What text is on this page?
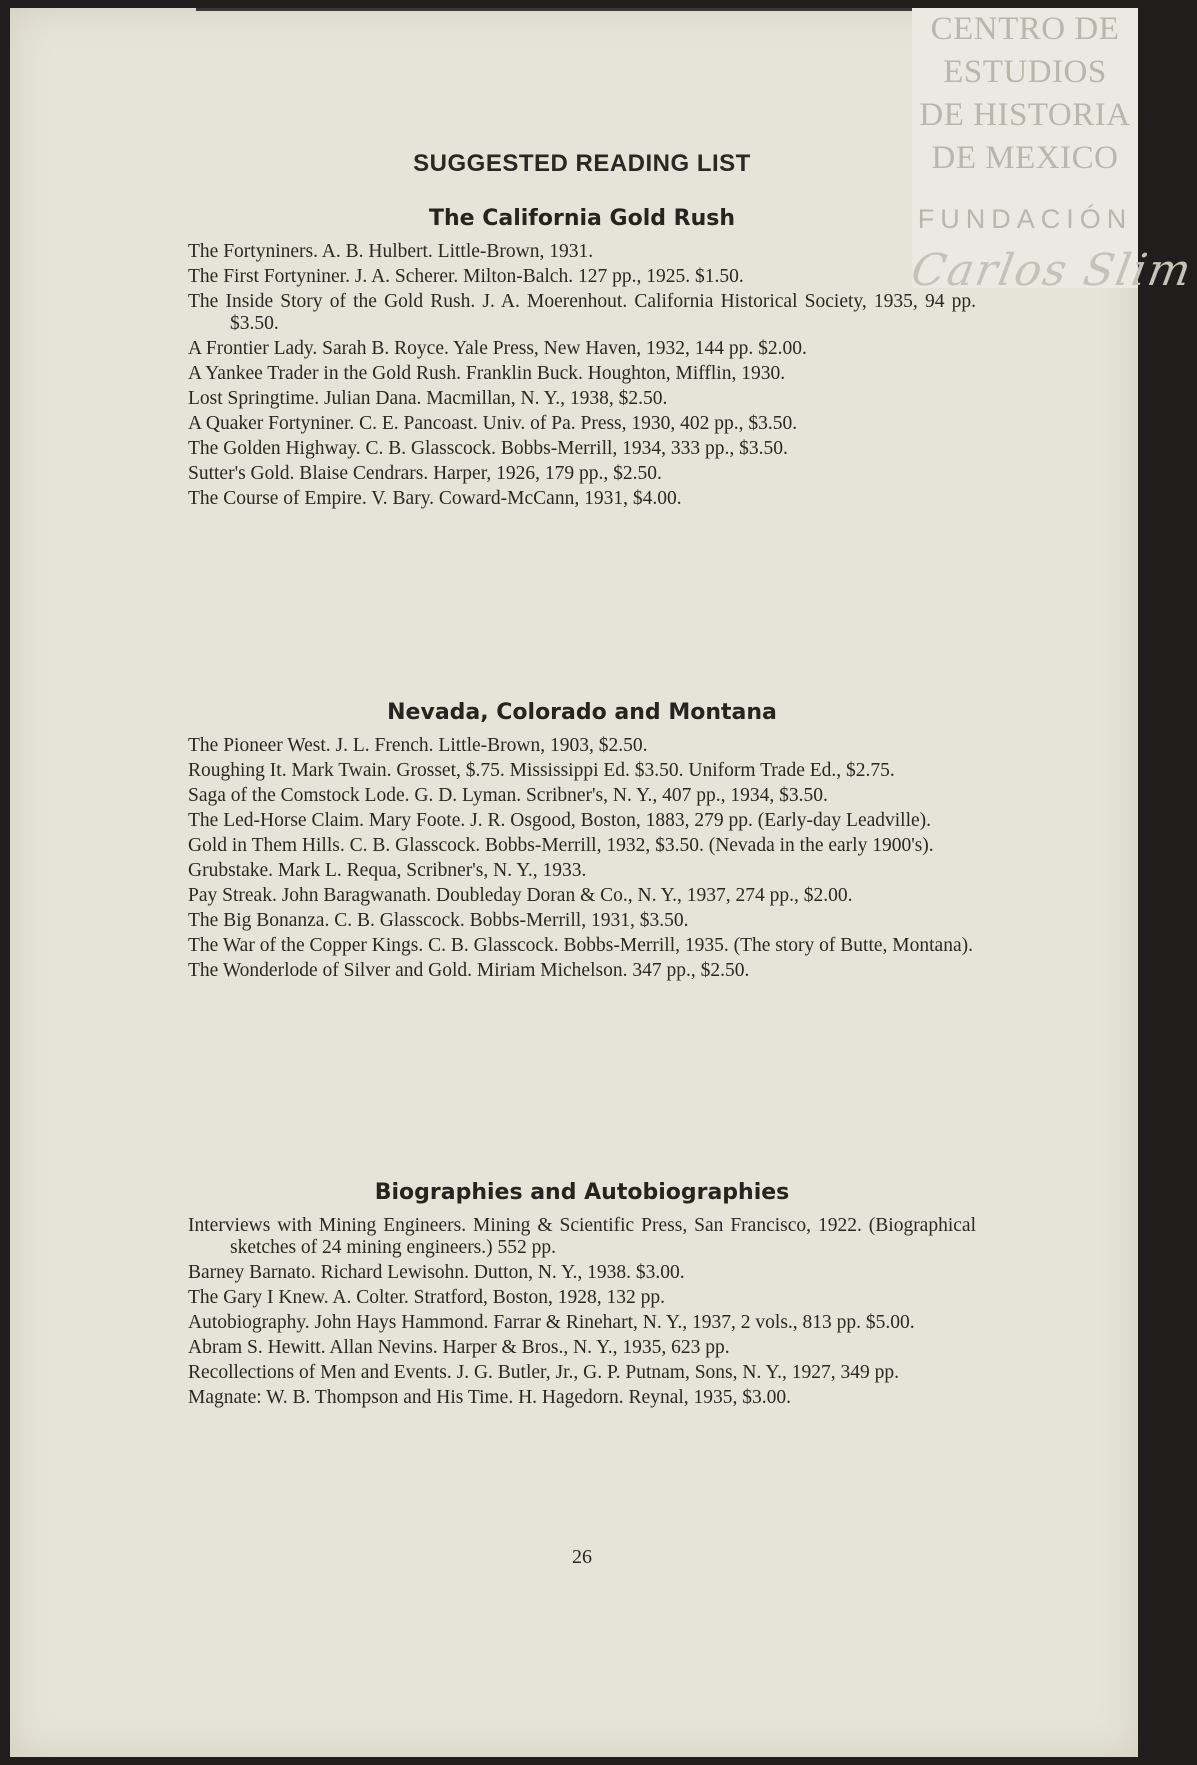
CENTRO DE
ESTUDIOS
DE HISTORIA
DE MEXICO
FUNDACIÓN
Carlos Slim
SUGGESTED READING LIST
The California Gold Rush
The Fortyniners. A. B. Hulbert. Little-Brown, 1931.
The First Fortyniner. J. A. Scherer. Milton-Balch. 127 pp., 1925. $1.50.
The Inside Story of the Gold Rush. J. A. Moerenhout. California Historical Society, 1935, 94 pp. $3.50.
A Frontier Lady. Sarah B. Royce. Yale Press, New Haven, 1932, 144 pp. $2.00.
A Yankee Trader in the Gold Rush. Franklin Buck. Houghton, Mifflin, 1930.
Lost Springtime. Julian Dana. Macmillan, N. Y., 1938, $2.50.
A Quaker Fortyniner. C. E. Pancoast. Univ. of Pa. Press, 1930, 402 pp., $3.50.
The Golden Highway. C. B. Glasscock. Bobbs-Merrill, 1934, 333 pp., $3.50.
Sutter's Gold. Blaise Cendrars. Harper, 1926, 179 pp., $2.50.
The Course of Empire. V. Bary. Coward-McCann, 1931, $4.00.
Nevada, Colorado and Montana
The Pioneer West. J. L. French. Little-Brown, 1903, $2.50.
Roughing It. Mark Twain. Grosset, $.75. Mississippi Ed. $3.50. Uniform Trade Ed., $2.75.
Saga of the Comstock Lode. G. D. Lyman. Scribner's, N. Y., 407 pp., 1934, $3.50.
The Led-Horse Claim. Mary Foote. J. R. Osgood, Boston, 1883, 279 pp. (Early-day Leadville).
Gold in Them Hills. C. B. Glasscock. Bobbs-Merrill, 1932, $3.50. (Nevada in the early 1900's).
Grubstake. Mark L. Requa, Scribner's, N. Y., 1933.
Pay Streak. John Baragwanath. Doubleday Doran & Co., N. Y., 1937, 274 pp., $2.00.
The Big Bonanza. C. B. Glasscock. Bobbs-Merrill, 1931, $3.50.
The War of the Copper Kings. C. B. Glasscock. Bobbs-Merrill, 1935. (The story of Butte, Montana).
The Wonderlode of Silver and Gold. Miriam Michelson. 347 pp., $2.50.
Biographies and Autobiographies
Interviews with Mining Engineers. Mining & Scientific Press, San Francisco, 1922. (Biographical sketches of 24 mining engineers.) 552 pp.
Barney Barnato. Richard Lewisohn. Dutton, N. Y., 1938. $3.00.
The Gary I Knew. A. Colter. Stratford, Boston, 1928, 132 pp.
Autobiography. John Hays Hammond. Farrar & Rinehart, N. Y., 1937, 2 vols., 813 pp. $5.00.
Abram S. Hewitt. Allan Nevins. Harper & Bros., N. Y., 1935, 623 pp.
Recollections of Men and Events. J. G. Butler, Jr., G. P. Putnam, Sons, N. Y., 1927, 349 pp.
Magnate: W. B. Thompson and His Time. H. Hagedorn. Reynal, 1935, $3.00.
26
